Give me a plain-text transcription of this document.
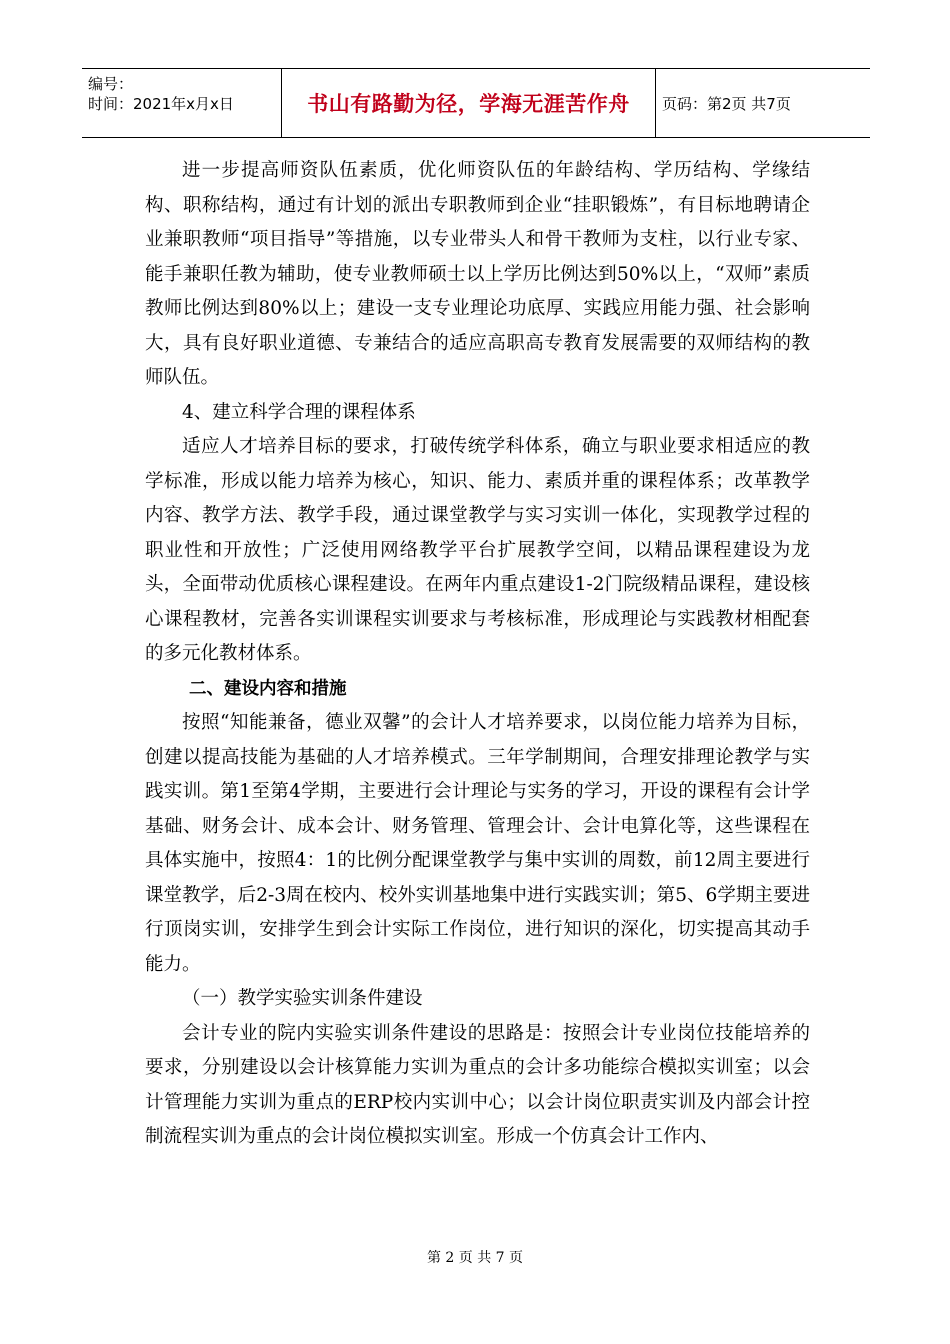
编号：
时间：2021年x月x日	书山有路勤为径，学海无涯苦作舟	页码：第2页 共7页

进一步提高师资队伍素质，优化师资队伍的年龄结构、学历结构、学缘结构、职称结构，通过有计划的派出专职教师到企业“挂职锻炼”，有目标地聘请企业兼职教师“项目指导”等措施，以专业带头人和骨干教师为支柱，以行业专家、能手兼职任教为辅助，使专业教师硕士以上学历比例达到50%以上，“双师”素质教师比例达到80%以上；建设一支专业理论功底厚、实践应用能力强、社会影响大，具有良好职业道德、专兼结合的适应高职高专教育发展需要的双师结构的教师队伍。

4、建立科学合理的课程体系

适应人才培养目标的要求，打破传统学科体系，确立与职业要求相适应的教学标准，形成以能力培养为核心，知识、能力、素质并重的课程体系；改革教学内容、教学方法、教学手段，通过课堂教学与实习实训一体化，实现教学过程的职业性和开放性；广泛使用网络教学平台扩展教学空间，以精品课程建设为龙头，全面带动优质核心课程建设。在两年内重点建设1-2门院级精品课程，建设核心课程教材，完善各实训课程实训要求与考核标准，形成理论与实践教材相配套的多元化教材体系。

二、建设内容和措施

按照“知能兼备，德业双馨”的会计人才培养要求，以岗位能力培养为目标，创建以提高技能为基础的人才培养模式。三年学制期间，合理安排理论教学与实践实训。第1至第4学期，主要进行会计理论与实务的学习，开设的课程有会计学基础、财务会计、成本会计、财务管理、管理会计、会计电算化等，这些课程在具体实施中，按照4：1的比例分配课堂教学与集中实训的周数，前12周主要进行课堂教学，后2-3周在校内、校外实训基地集中进行实践实训；第5、6学期主要进行顶岗实训，安排学生到会计实际工作岗位，进行知识的深化，切实提高其动手能力。

（一）教学实验实训条件建设

会计专业的院内实验实训条件建设的思路是：按照会计专业岗位技能培养的要求，分别建设以会计核算能力实训为重点的会计多功能综合模拟实训室；以会计管理能力实训为重点的ERP校内实训中心；以会计岗位职责实训及内部会计控制流程实训为重点的会计岗位模拟实训室。形成一个仿真会计工作内、

第 2 页 共 7 页
